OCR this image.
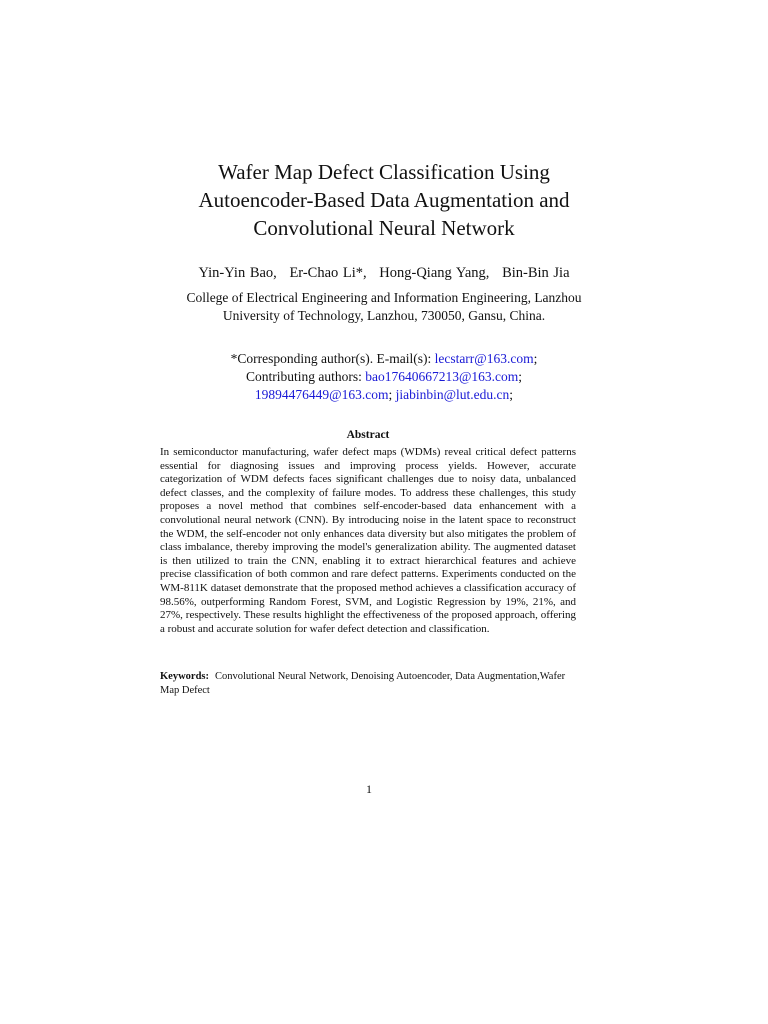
Wafer Map Defect Classification Using
Autoencoder-Based Data Augmentation and
Convolutional Neural Network
Yin-Yin Bao, Er-Chao Li*, Hong-Qiang Yang, Bin-Bin Jia
College of Electrical Engineering and Information Engineering, Lanzhou
University of Technology, Lanzhou, 730050, Gansu, China.
*Corresponding author(s). E-mail(s): lecstarr@163.com;
Contributing authors: bao17640667213@163.com;
19894476449@163.com; jiabinbin@lut.edu.cn;
Abstract
In semiconductor manufacturing, wafer defect maps (WDMs) reveal critical defect patterns essential for diagnosing issues and improving process yields. However, accurate categorization of WDM defects faces significant challenges due to noisy data, unbalanced defect classes, and the complexity of failure modes. To address these challenges, this study proposes a novel method that combines self-encoder-based data enhancement with a convolutional neural network (CNN). By introducing noise in the latent space to reconstruct the WDM, the self-encoder not only enhances data diversity but also mitigates the problem of class imbalance, thereby improving the model's generalization ability. The augmented dataset is then utilized to train the CNN, enabling it to extract hierarchical features and achieve precise classification of both common and rare defect patterns. Experiments conducted on the WM-811K dataset demonstrate that the proposed method achieves a classification accuracy of 98.56%, outperforming Random Forest, SVM, and Logistic Regression by 19%, 21%, and 27%, respectively. These results highlight the effectiveness of the proposed approach, offering a robust and accurate solution for wafer defect detection and classification.
Keywords: Convolutional Neural Network, Denoising Autoencoder, Data Augmentation,Wafer Map Defect
1
